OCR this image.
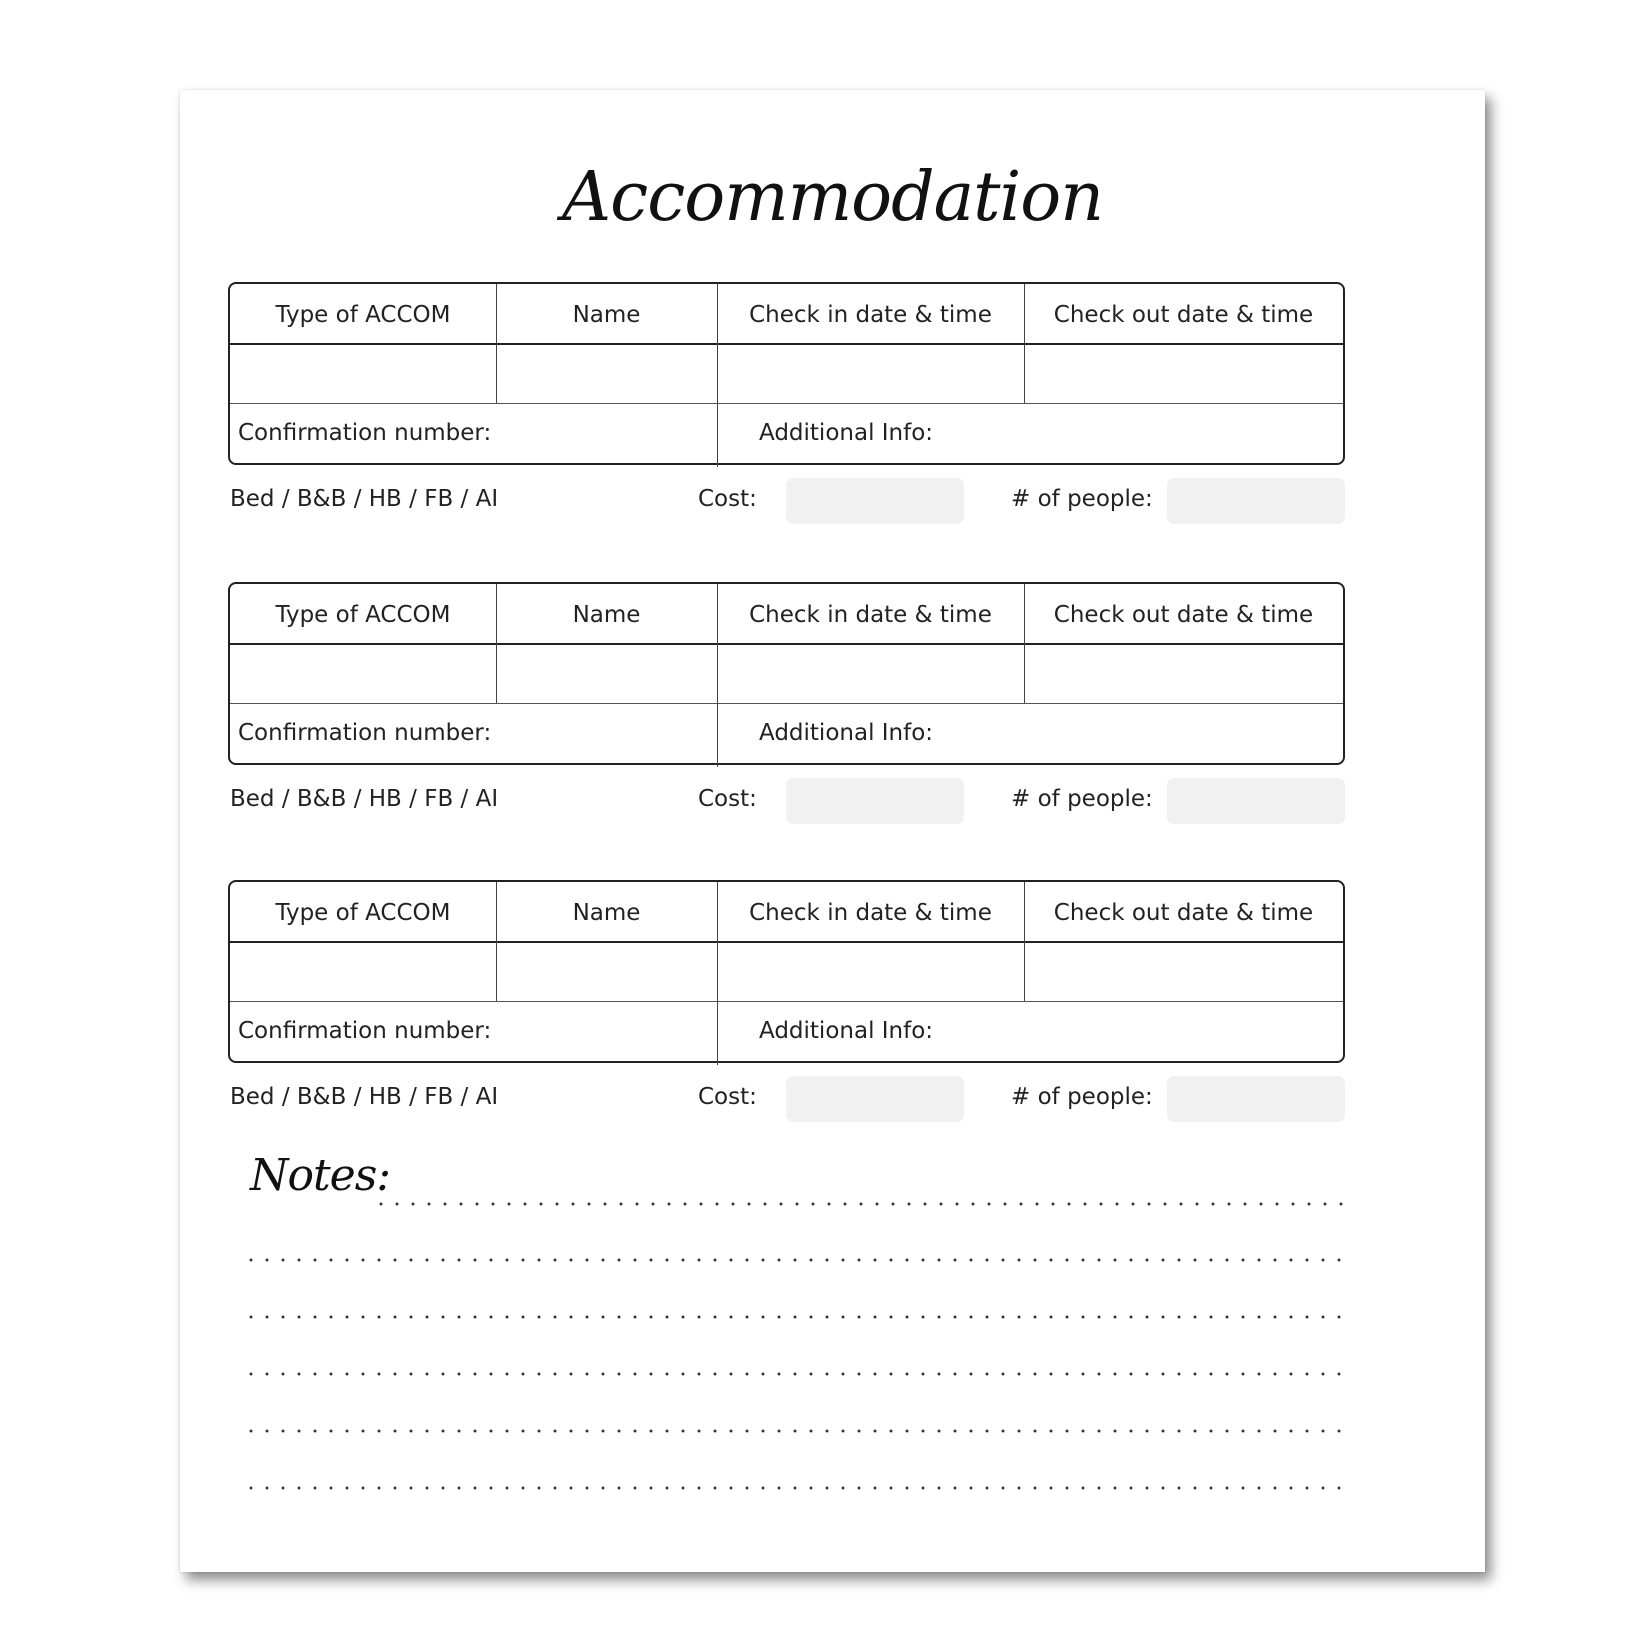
Accommodation
Type of ACCOM	Name	Check in date & time	Check out date & time
Confirmation number:	Additional Info:
Bed / B&B / HB / FB / AI	Cost:	# of people:
Type of ACCOM	Name	Check in date & time	Check out date & time
Confirmation number:	Additional Info:
Bed / B&B / HB / FB / AI	Cost:	# of people:
Type of ACCOM	Name	Check in date & time	Check out date & time
Confirmation number:	Additional Info:
Bed / B&B / HB / FB / AI	Cost:	# of people:
Notes:
